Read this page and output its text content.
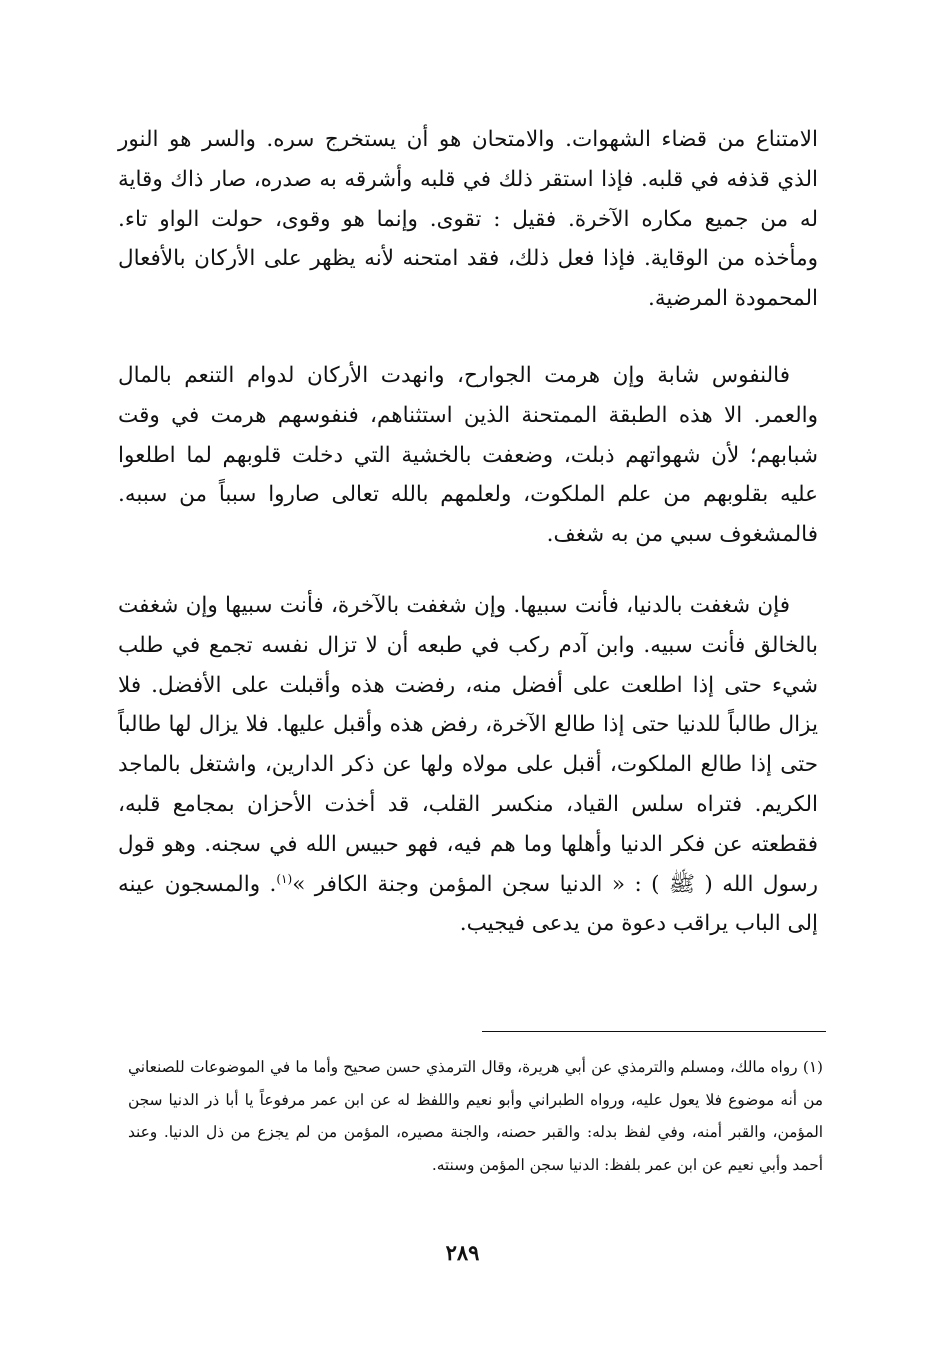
الامتناع من قضاء الشهوات. والامتحان هو أن يستخرج سره. والسر هو النور الذي قذفه في قلبه. فإذا استقر ذلك في قلبه وأشرقه به صدره، صار ذاك وقاية له من جميع مكاره الآخرة. فقيل : تقوى. وإنما هو وقوى، حولت الواو تاء. ومأخذه من الوقاية. فإذا فعل ذلك، فقد امتحنه لأنه يظهر على الأركان بالأفعال المحمودة المرضية.

فالنفوس شابة وإن هرمت الجوارح، وانهدت الأركان لدوام التنعم بالمال والعمر. الا هذه الطبقة الممتحنة الذين استثناهم، فنفوسهم هرمت في وقت شبابهم؛ لأن شهواتهم ذبلت، وضعفت بالخشية التي دخلت قلوبهم لما اطلعوا عليه بقلوبهم من علم الملكوت، ولعلمهم بالله تعالى صاروا سبباً من سببه. فالمشغوف سبي من به شغف.

فإن شغفت بالدنيا، فأنت سبيها. وإن شغفت بالآخرة، فأنت سبيها وإن شغفت بالخالق فأنت سبيه. وابن آدم ركب في طبعه أن لا تزال نفسه تجمع في طلب شيء حتى إذا اطلعت على أفضل منه، رفضت هذه وأقبلت على الأفضل. فلا يزال طالباً للدنيا حتى إذا طالع الآخرة، رفض هذه وأقبل عليها. فلا يزال لها طالباً حتى إذا طالع الملكوت، أقبل على مولاه ولها عن ذكر الدارين، واشتغل بالماجد الكريم. فتراه سلس القياد، منكسر القلب، قد أخذت الأحزان بمجامع قلبه، فقطعته عن فكر الدنيا وأهلها وما هم فيه، فهو حبيس الله في سجنه. وهو قول رسول الله ( ﷺ ) : « الدنيا سجن المؤمن وجنة الكافر »$^{(١)}$. والمسجون عينه إلى الباب يراقب دعوة من يدعى فيجيب.

(١) رواه مالك، ومسلم والترمذي عن أبي هريرة، وقال الترمذي حسن صحيح وأما ما في الموضوعات للصنعاني من أنه موضوع فلا يعول عليه، ورواه الطبراني وأبو نعيم واللفظ له عن ابن عمر مرفوعاً يا أبا ذر الدنيا سجن المؤمن، والقبر أمنه، وفي لفظ بدله: والقبر حصنه، والجنة مصيره، المؤمن من لم يجزع من ذل الدنيا. وعند أحمد وأبي نعيم عن ابن عمر بلفظ: الدنيا سجن المؤمن وسنته.

٢٨٩
